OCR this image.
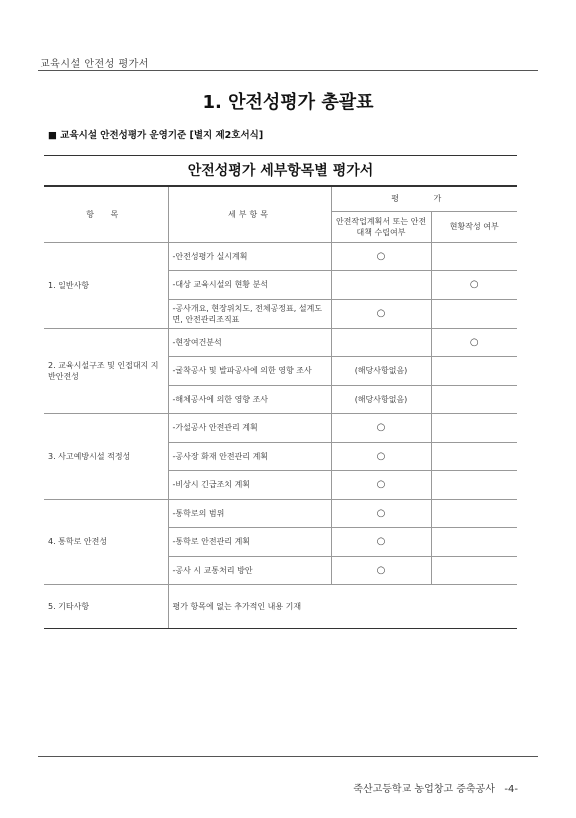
교육시설 안전성 평가서
1. 안전성평가 총괄표
■ 교육시설 안전성평가 운영기준 [별지 제2호서식]
안전성평가 세부항목별 평가서
항 목	세부항목	평 가	
		안전작업계획서 또는 안전대책 수립여부	현황작성 여부
1. 일반사항	-안전성평가 실시계획	○	
	-대상 교육시설의 현황 분석		○
	-공사개요, 현장위치도, 전체공정표, 설계도면, 안전관리조직표	○	
2. 교육시설구조 및 인접대지 지반안전성	-현장여건분석		○
	-굴착공사 및 발파공사에 의한 영향 조사	(해당사항없음)	
	-해체공사에 의한 영향 조사	(해당사항없음)	
3. 사고예방시설 적정성	-가설공사 안전관리 계획	○	
	-공사장 화재 안전관리 계획	○	
	-비상시 긴급조치 계획	○	
4. 통학로 안전성	-통학로의 범위	○	
	-통학로 안전관리 계획	○	
	-공사 시 교통처리 방안	○	
5. 기타사항	평가 항목에 없는 추가적인 내용 기재		
죽산고등학교 농업창고 증축공사   -4-
